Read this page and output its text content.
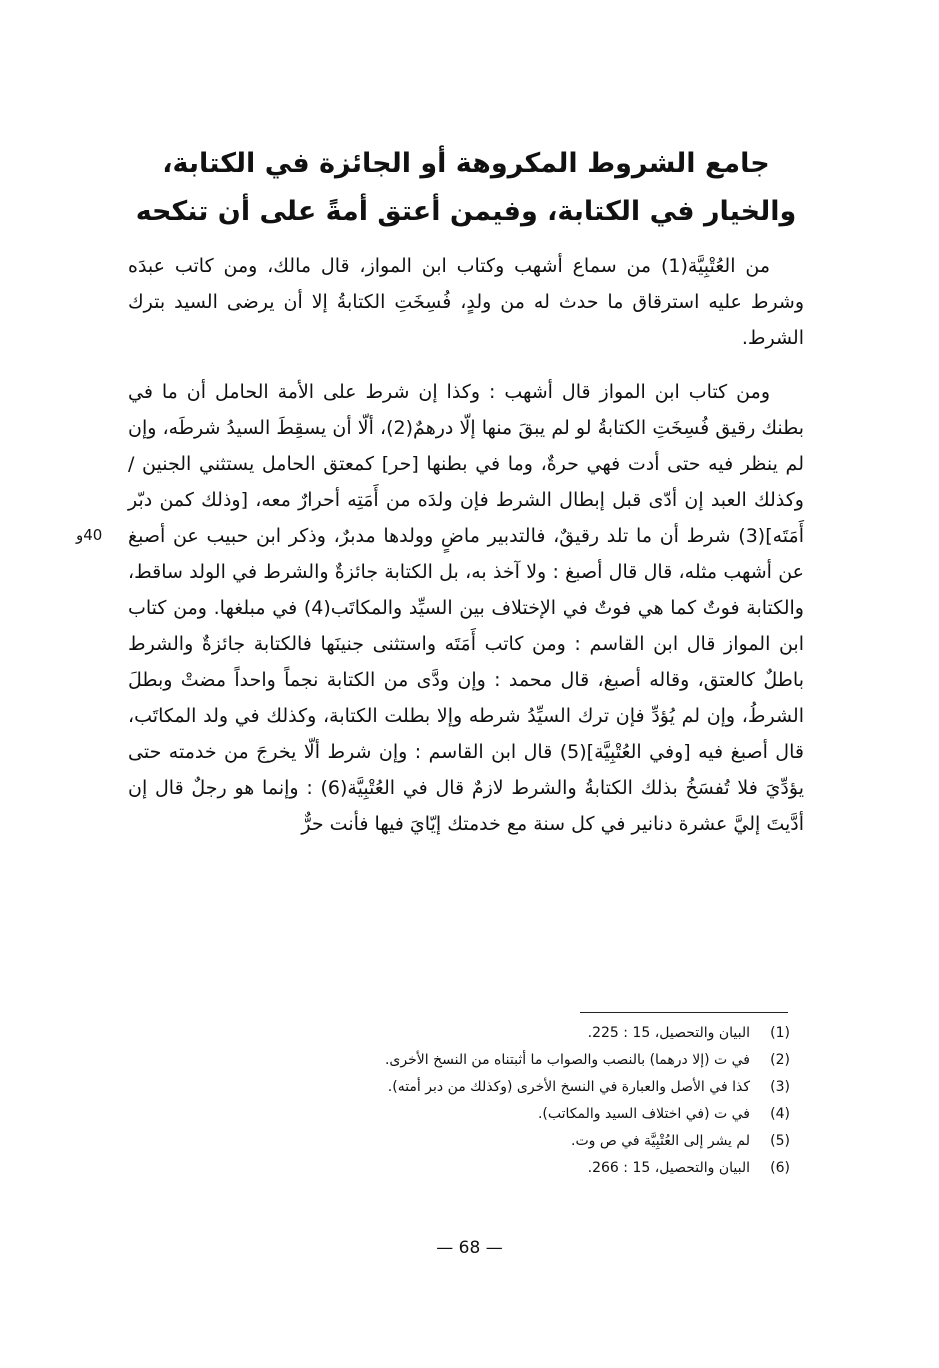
جامع الشروط المكروهة أو الجائزة في الكتابة،
والخيار في الكتابة، وفيمن أعتق أمةً على أن تنكحه

من العُتْبِيَّة(1) من سماع أشهب وكتاب ابن المواز، قال مالك، ومن كاتب عبدَه وشرط عليه استرقاق ما حدث له من ولدٍ، فُسِخَتِ الكتابةُ إلا أن يرضى السيد بترك الشرط.

ومن كتاب ابن المواز قال أشهب : وكذا إن شرط على الأمة الحامل أن ما في بطنك رقيق فُسِخَتِ الكتابةُ لو لم يبقَ منها إلّا درهمٌ(2)، ألّا أن يسقِطَ السيدُ شرطَه، وإن لم ينظر فيه حتى أدت فهي حرةٌ، وما في بطنها [حر] كمعتق الحامل يستثني الجنين / وكذلك العبد إن أدّى قبل إبطال الشرط فإن ولدَه من أَمَتِه أحرارٌ معه، [وذلك كمن دبّر أَمَتَه](3) شرط أن ما تلد رقيقٌ، فالتدبير ماضٍ وولدها مدبرٌ، وذكر ابن حبيب عن أصبغ عن أشهب مثله، قال قال أصبغ : ولا آخذ به، بل الكتابة جائزةٌ والشرط في الولد ساقط، والكتابة فوتٌ كما هي فوتٌ في الإختلاف بين السيِّد والمكاتَب(4) في مبلغها. ومن كتاب ابن المواز قال ابن القاسم : ومن كاتب أَمَتَه واستثنى جنينَها فالكتابة جائزةٌ والشرط باطلٌ كالعتق، وقاله أصبغ، قال محمد : وإن ودَّى من الكتابة نجماً واحداً مضتْ وبطلَ الشرطُ، وإن لم يُؤدِّ فإن ترك السيِّدُ شرطه وإلا بطلت الكتابة، وكذلك في ولد المكاتَب، قال أصبغ فيه [وفي العُتْبِيَّة](5) قال ابن القاسم : وإن شرط ألّا يخرجَ من خدمته حتى يؤدِّيَ فلا تُفسَخُ بذلك الكتابةُ والشرط لازمٌ قال في العُتْبِيَّة(6) : وإنما هو رجلٌ قال إن أدَّيتَ إليَّ عشرة دنانير في كل سنة مع خدمتك إيّايَ فيها فأنت حرٌّ

40و
(1)
البيان والتحصيل، 15 : 225.
(2)
في ت (إلا درهما) بالنصب والصواب ما أثبتناه من النسخ الأخرى.
(3)
كذا في الأصل والعبارة في النسخ الأخرى (وكذلك من دبر أمته).
(4)
في ت (في اختلاف السيد والمكاتب).
(5)
لم يشر إلى العُتْبِيَّة في ص وت.
(6)
البيان والتحصيل، 15 : 266.
— 68 —
